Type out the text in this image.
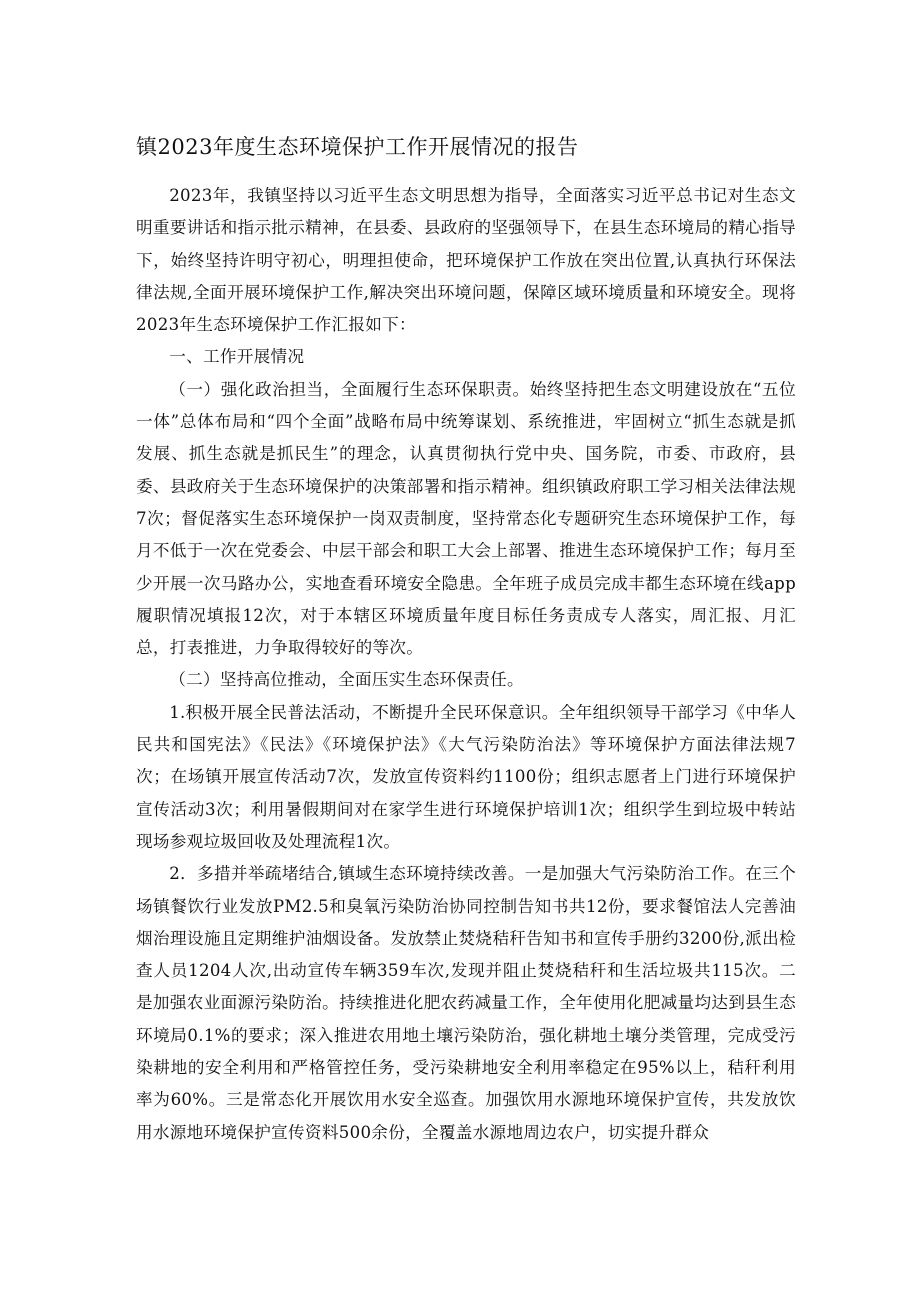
镇2023年度生态环境保护工作开展情况的报告

2023年，我镇坚持以习近平生态文明思想为指导，全面落实习近平总书记对生态文明重要讲话和指示批示精神，在县委、县政府的坚强领导下，在县生态环境局的精心指导下，始终坚持许明守初心，明理担使命，把环境保护工作放在突出位置,认真执行环保法律法规,全面开展环境保护工作,解决突出环境问题，保障区域环境质量和环境安全。现将2023年生态环境保护工作汇报如下：

一、工作开展情况

（一）强化政治担当，全面履行生态环保职责。始终坚持把生态文明建设放在“五位一体”总体布局和“四个全面”战略布局中统筹谋划、系统推进，牢固树立“抓生态就是抓发展、抓生态就是抓民生”的理念，认真贯彻执行党中央、国务院，市委、市政府，县委、县政府关于生态环境保护的决策部署和指示精神。组织镇政府职工学习相关法律法规7次；督促落实生态环境保护一岗双责制度，坚持常态化专题研究生态环境保护工作，每月不低于一次在党委会、中层干部会和职工大会上部署、推进生态环境保护工作；每月至少开展一次马路办公，实地查看环境安全隐患。全年班子成员完成丰都生态环境在线app履职情况填报12次，对于本辖区环境质量年度目标任务责成专人落实，周汇报、月汇总，打表推进，力争取得较好的等次。

（二）坚持高位推动，全面压实生态环保责任。

1.积极开展全民普法活动，不断提升全民环保意识。全年组织领导干部学习《中华人民共和国宪法》《民法》《环境保护法》《大气污染防治法》等环境保护方面法律法规7次；在场镇开展宣传活动7次，发放宣传资料约1100份；组织志愿者上门进行环境保护宣传活动3次；利用暑假期间对在家学生进行环境保护培训1次；组织学生到垃圾中转站现场参观垃圾回收及处理流程1次。

2．多措并举疏堵结合,镇域生态环境持续改善。一是加强大气污染防治工作。在三个场镇餐饮行业发放PM2.5和臭氧污染防治协同控制告知书共12份，要求餐馆法人完善油烟治理设施且定期维护油烟设备。发放禁止焚烧秸秆告知书和宣传手册约3200份,派出检查人员1204人次,出动宣传车辆359车次,发现并阻止焚烧秸秆和生活垃圾共115次。二是加强农业面源污染防治。持续推进化肥农药减量工作，全年使用化肥减量均达到县生态环境局0.1%的要求；深入推进农用地土壤污染防治，强化耕地土壤分类管理，完成受污染耕地的安全利用和严格管控任务，受污染耕地安全利用率稳定在95%以上，秸秆利用率为60%。三是常态化开展饮用水安全巡查。加强饮用水源地环境保护宣传，共发放饮用水源地环境保护宣传资料500余份，全覆盖水源地周边农户，切实提升群众
